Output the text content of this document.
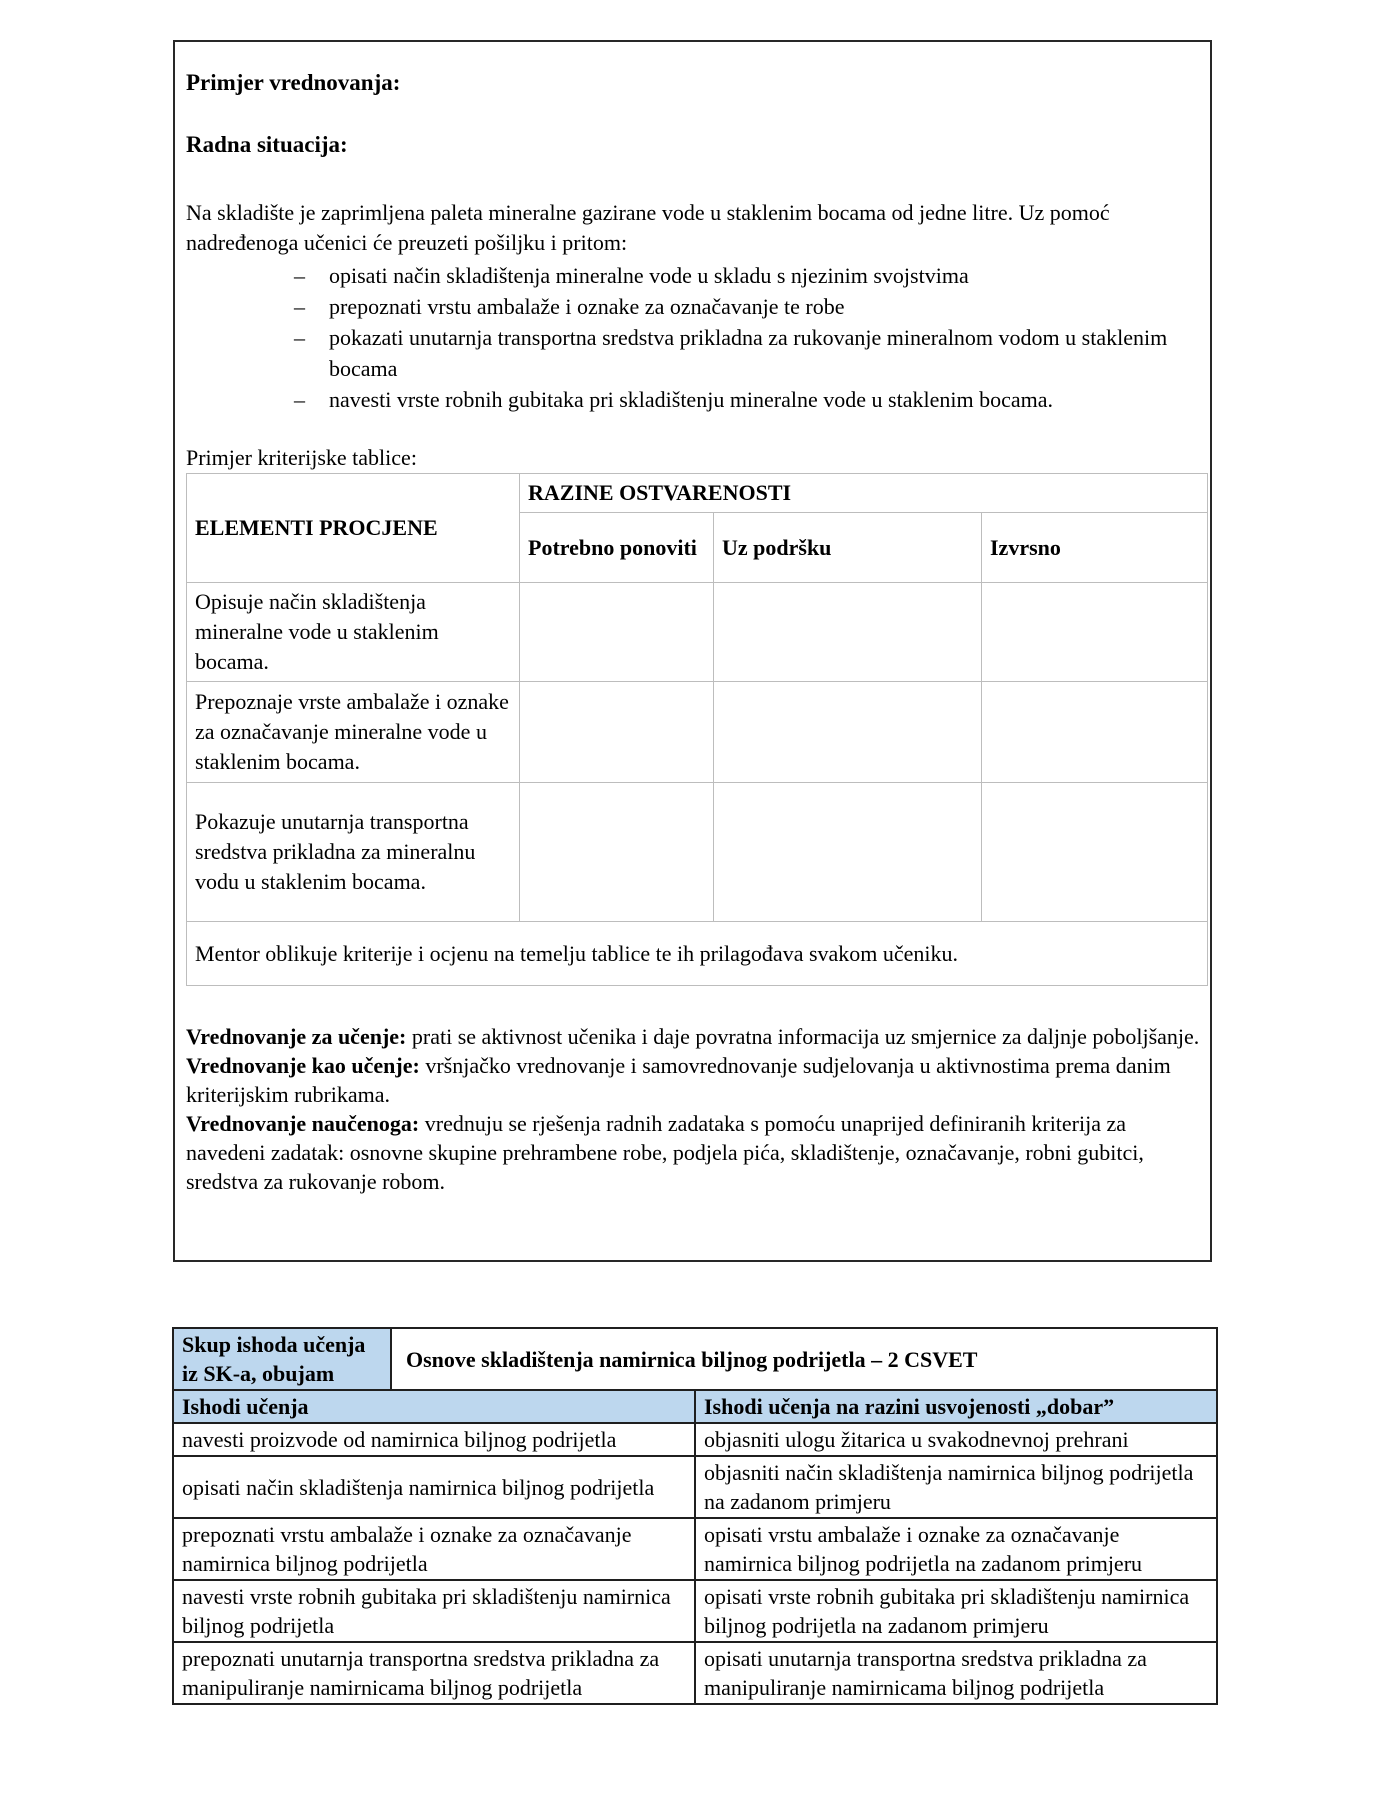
Primjer vrednovanja:

Radna situacija:

Na skladište je zaprimljena paleta mineralne gazirane vode u staklenim bocama od jedne litre. Uz pomoć nadređenoga učenici će preuzeti pošiljku i pritom:

–	opisati način skladištenja mineralne vode u skladu s njezinim svojstvima
–	prepoznati vrstu ambalaže i oznake za označavanje te robe
–	pokazati unutarnja transportna sredstva prikladna za rukovanje mineralnom vodom u staklenim bocama
–	navesti vrste robnih gubitaka pri skladištenju mineralne vode u staklenim bocama.

Primjer kriterijske tablice:

ELEMENTI PROCJENE	RAZINE OSTVARENOSTI		
	Potrebno ponoviti	Uz podršku	Izvrsno
Opisuje način skladištenja mineralne vode u staklenim bocama.			
Prepoznaje vrste ambalaže i oznake za označavanje mineralne vode u staklenim bocama.			
Pokazuje unutarnja transportna sredstva prikladna za mineralnu vodu u staklenim bocama.			
Mentor oblikuje kriterije i ocjenu na temelju tablice te ih prilagođava svakom učeniku.			

Vrednovanje za učenje: prati se aktivnost učenika i daje povratna informacija uz smjernice za daljnje poboljšanje.

Vrednovanje kao učenje: vršnjačko vrednovanje i samovrednovanje sudjelovanja u aktivnostima prema danim kriterijskim rubrikama.

Vrednovanje naučenoga: vrednuju se rješenja radnih zadataka s pomoću unaprijed definiranih kriterija za navedeni zadatak: osnovne skupine prehrambene robe, podjela pića, skladištenje, označavanje, robni gubitci, sredstva za rukovanje robom.

Skup ishoda učenja iz SK-a, obujam	Osnove skladištenja namirnica biljnog podrijetla – 2 CSVET	
Ishodi učenja		Ishodi učenja na razini usvojenosti „dobar”
navesti proizvode od namirnica biljnog podrijetla		objasniti ulogu žitarica u svakodnevnoj prehrani
opisati način skladištenja namirnica biljnog podrijetla		objasniti način skladištenja namirnica biljnog podrijetla na zadanom primjeru
prepoznati vrstu ambalaže i oznake za označavanje namirnica biljnog podrijetla		opisati vrstu ambalaže i oznake za označavanje namirnica biljnog podrijetla na zadanom primjeru
navesti vrste robnih gubitaka pri skladištenju namirnica biljnog podrijetla		opisati vrste robnih gubitaka pri skladištenju namirnica biljnog podrijetla na zadanom primjeru
prepoznati unutarnja transportna sredstva prikladna za manipuliranje namirnicama biljnog podrijetla		opisati unutarnja transportna sredstva prikladna za manipuliranje namirnicama biljnog podrijetla
